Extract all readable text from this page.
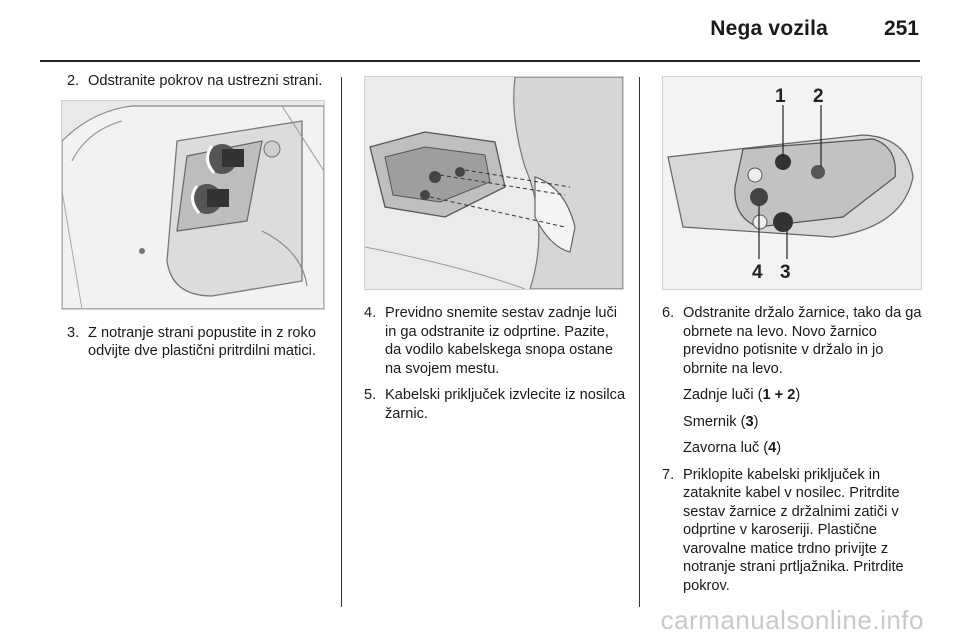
Nega vozila	251
2. Odstranite pokrov na ustrezni strani.
3. Z notranje strani popustite in z roko odvijte dve plastični pritrdilni matici.
4. Previdno snemite sestav zadnje luči in ga odstranite iz odprtine. Pazite, da vodilo kabelskega snopa ostane na svojem mestu.
5. Kabelski priključek izvlecite iz nosilca žarnic.
1 2
4 3
6. Odstranite držalo žarnice, tako da ga obrnete na levo. Novo žarnico previdno potisnite v držalo in jo obrnite na levo.
Zadnje luči (1 + 2)
Smernik (3)
Zavorna luč (4)
7. Priklopite kabelski priključek in zataknite kabel v nosilec. Pritrdite sestav žarnice z držalnimi zatiči v odprtine v karoseriji. Plastične varovalne matice trdno privijte z notranje strani prtljažnika. Pritrdite pokrov.
carmanualsonline.info
